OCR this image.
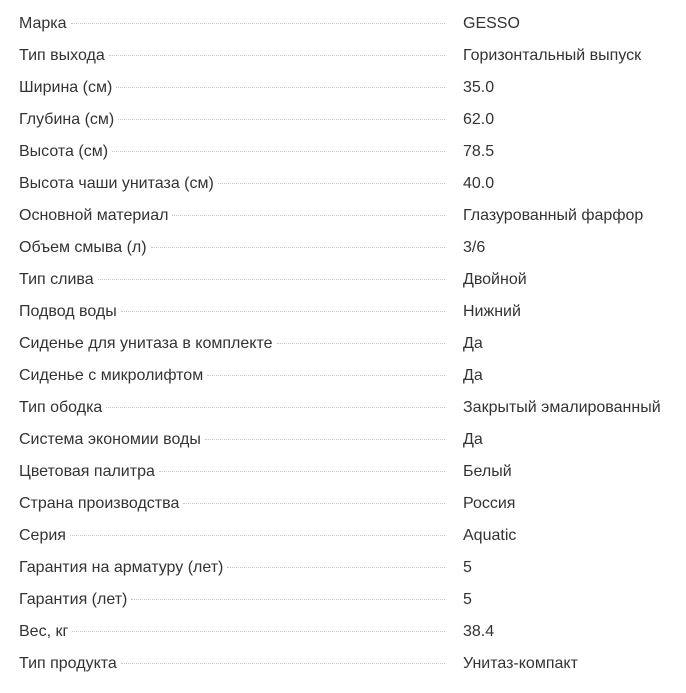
Марка	GESSO
Тип выхода	Горизонтальный выпуск
Ширина (см)	35.0
Глубина (см)	62.0
Высота (см)	78.5
Высота чаши унитаза (см)	40.0
Основной материал	Глазурованный фарфор
Объем смыва (л)	3/6
Тип слива	Двойной
Подвод воды	Нижний
Сиденье для унитаза в комплекте	Да
Сиденье с микролифтом	Да
Тип ободка	Закрытый эмалированный
Система экономии воды	Да
Цветовая палитра	Белый
Страна производства	Россия
Серия	Aquatic
Гарантия на арматуру (лет)	5
Гарантия (лет)	5
Вес, кг	38.4
Тип продукта	Унитаз-компакт
